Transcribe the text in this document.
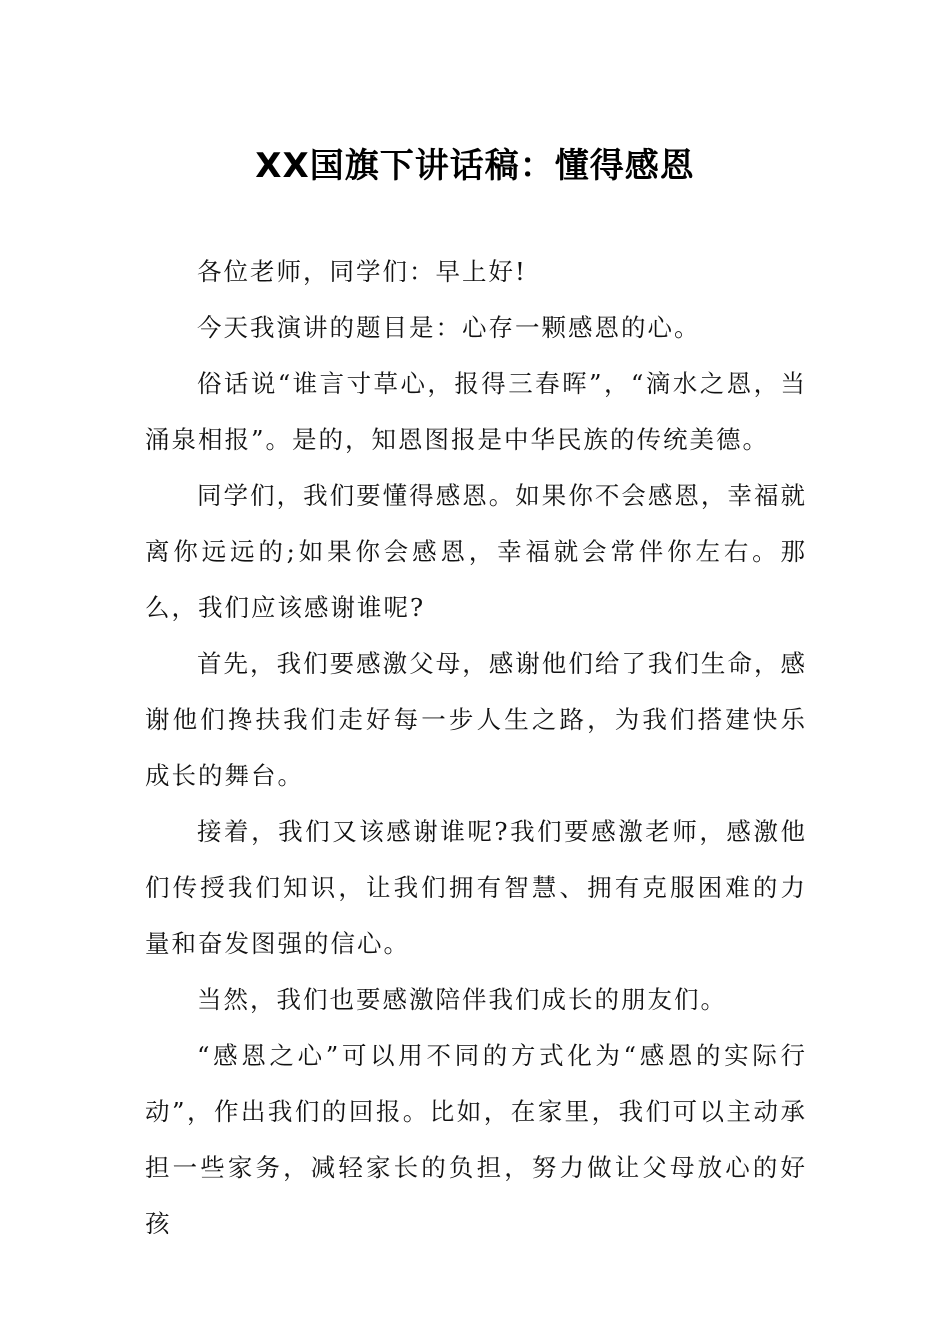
XX国旗下讲话稿：懂得感恩

各位老师，同学们：早上好!

今天我演讲的题目是：心存一颗感恩的心。

俗话说“谁言寸草心，报得三春晖”，“滴水之恩，当涌泉相报”。是的，知恩图报是中华民族的传统美德。

同学们，我们要懂得感恩。如果你不会感恩，幸福就离你远远的;如果你会感恩，幸福就会常伴你左右。那么，我们应该感谢谁呢?

首先，我们要感激父母，感谢他们给了我们生命，感谢他们搀扶我们走好每一步人生之路，为我们搭建快乐成长的舞台。

接着，我们又该感谢谁呢?我们要感激老师，感激他们传授我们知识，让我们拥有智慧、拥有克服困难的力量和奋发图强的信心。

当然，我们也要感激陪伴我们成长的朋友们。

“感恩之心”可以用不同的方式化为“感恩的实际行动”，作出我们的回报。比如，在家里，我们可以主动承担一些家务，减轻家长的负担，努力做让父母放心的好孩
